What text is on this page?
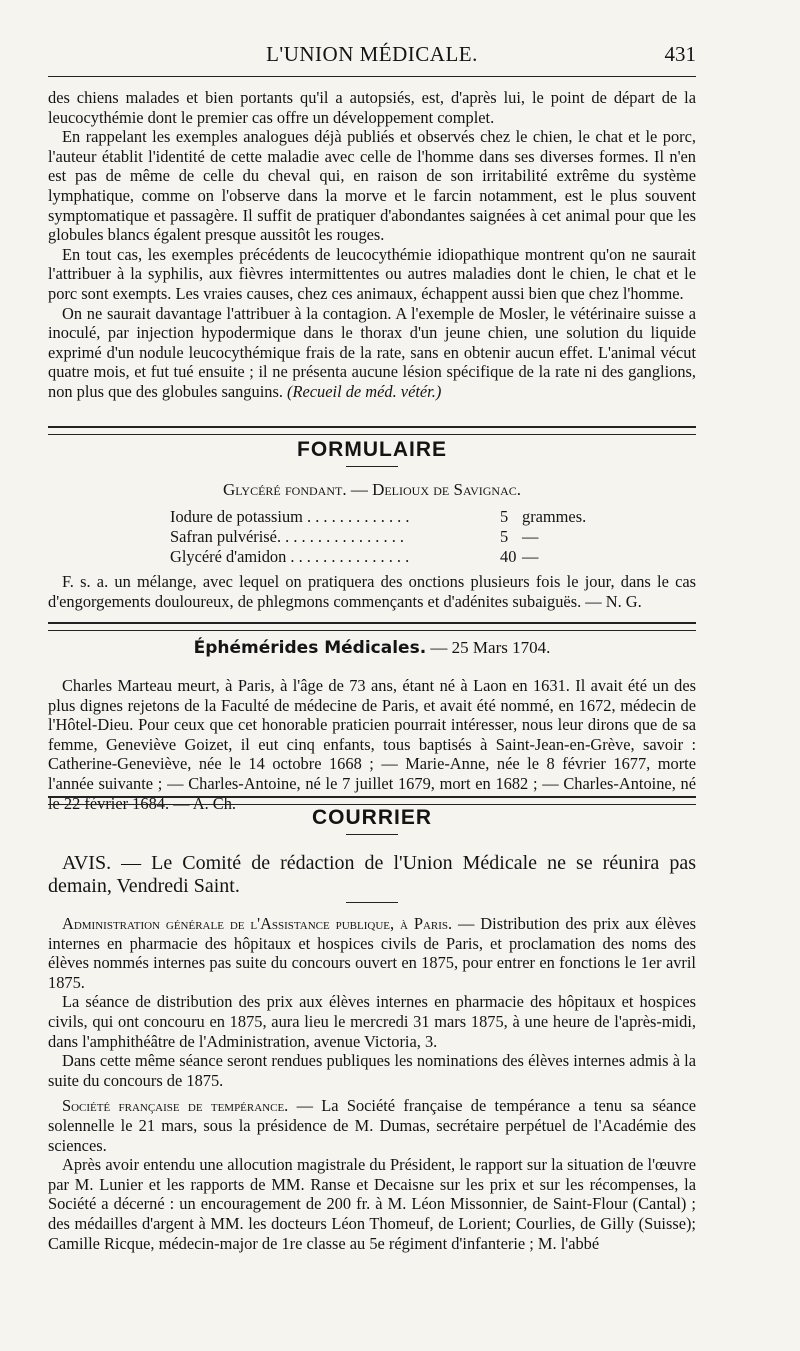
L'UNION MÉDICALE.	431

des chiens malades et bien portants qu'il a autopsiés, est, d'après lui, le point de départ de la leucocythémie dont le premier cas offre un développement complet.

En rappelant les exemples analogues déjà publiés et observés chez le chien, le chat et le porc, l'auteur établit l'identité de cette maladie avec celle de l'homme dans ses diverses formes. Il n'en est pas de même de celle du cheval qui, en raison de son irritabilité extrême du système lymphatique, comme on l'observe dans la morve et le farcin notamment, est le plus souvent symptomatique et passagère. Il suffit de pratiquer d'abondantes saignées à cet animal pour que les globules blancs égalent presque aussitôt les rouges.

En tout cas, les exemples précédents de leucocythémie idiopathique montrent qu'on ne saurait l'attribuer à la syphilis, aux fièvres intermittentes ou autres maladies dont le chien, le chat et le porc sont exempts. Les vraies causes, chez ces animaux, échappent aussi bien que chez l'homme.

On ne saurait davantage l'attribuer à la contagion. A l'exemple de Mosler, le vétérinaire suisse a inoculé, par injection hypodermique dans le thorax d'un jeune chien, une solution du liquide exprimé d'un nodule leucocythémique frais de la rate, sans en obtenir aucun effet. L'animal vécut quatre mois, et fut tué ensuite ; il ne présenta aucune lésion spécifique de la rate ni des ganglions, non plus que des globules sanguins. (Recueil de méd. vétér.)

FORMULAIRE
Glycéré fondant. — Delioux de Savignac.
Iodure de potassium . . . . . . . . . . . . .	5 grammes.
Safran pulvérisé. . . . . . . . . . . . . . . .	5 —
Glycéré d'amidon . . . . . . . . . . . . . . .	40 —

F. s. a. un mélange, avec lequel on pratiquera des onctions plusieurs fois le jour, dans le cas d'engorgements douloureux, de phlegmons commençants et d'adénites subaiguës. — N. G.

Éphémérides Médicales. — 25 Mars 1704.

Charles Marteau meurt, à Paris, à l'âge de 73 ans, étant né à Laon en 1631. Il avait été un des plus dignes rejetons de la Faculté de médecine de Paris, et avait été nommé, en 1672, médecin de l'Hôtel-Dieu. Pour ceux que cet honorable praticien pourrait intéresser, nous leur dirons que de sa femme, Geneviève Goizet, il eut cinq enfants, tous baptisés à Saint-Jean-en-Grève, savoir : Catherine-Geneviève, née le 14 octobre 1668 ; — Marie-Anne, née le 8 février 1677, morte l'année suivante ; — Charles-Antoine, né le 7 juillet 1679, mort en 1682 ; — Charles-Antoine, né le 22 février 1684. — A. Ch.

COURRIER

AVIS. — Le Comité de rédaction de l'Union Médicale ne se réunira pas demain, Vendredi Saint.

Administration générale de l'Assistance publique, à Paris. — Distribution des prix aux élèves internes en pharmacie des hôpitaux et hospices civils de Paris, et proclamation des noms des élèves nommés internes pas suite du concours ouvert en 1875, pour entrer en fonctions le 1er avril 1875.

La séance de distribution des prix aux élèves internes en pharmacie des hôpitaux et hospices civils, qui ont concouru en 1875, aura lieu le mercredi 31 mars 1875, à une heure de l'après-midi, dans l'amphithéâtre de l'Administration, avenue Victoria, 3.

Dans cette même séance seront rendues publiques les nominations des élèves internes admis à la suite du concours de 1875.

Société française de tempérance. — La Société française de tempérance a tenu sa séance solennelle le 21 mars, sous la présidence de M. Dumas, secrétaire perpétuel de l'Académie des sciences.

Après avoir entendu une allocution magistrale du Président, le rapport sur la situation de l'œuvre par M. Lunier et les rapports de MM. Ranse et Decaisne sur les prix et sur les récompenses, la Société a décerné : un encouragement de 200 fr. à M. Léon Missonnier, de Saint-Flour (Cantal) ; des médailles d'argent à MM. les docteurs Léon Thomeuf, de Lorient; Courlies, de Gilly (Suisse); Camille Ricque, médecin-major de 1re classe au 5e régiment d'infanterie ; M. l'abbé
